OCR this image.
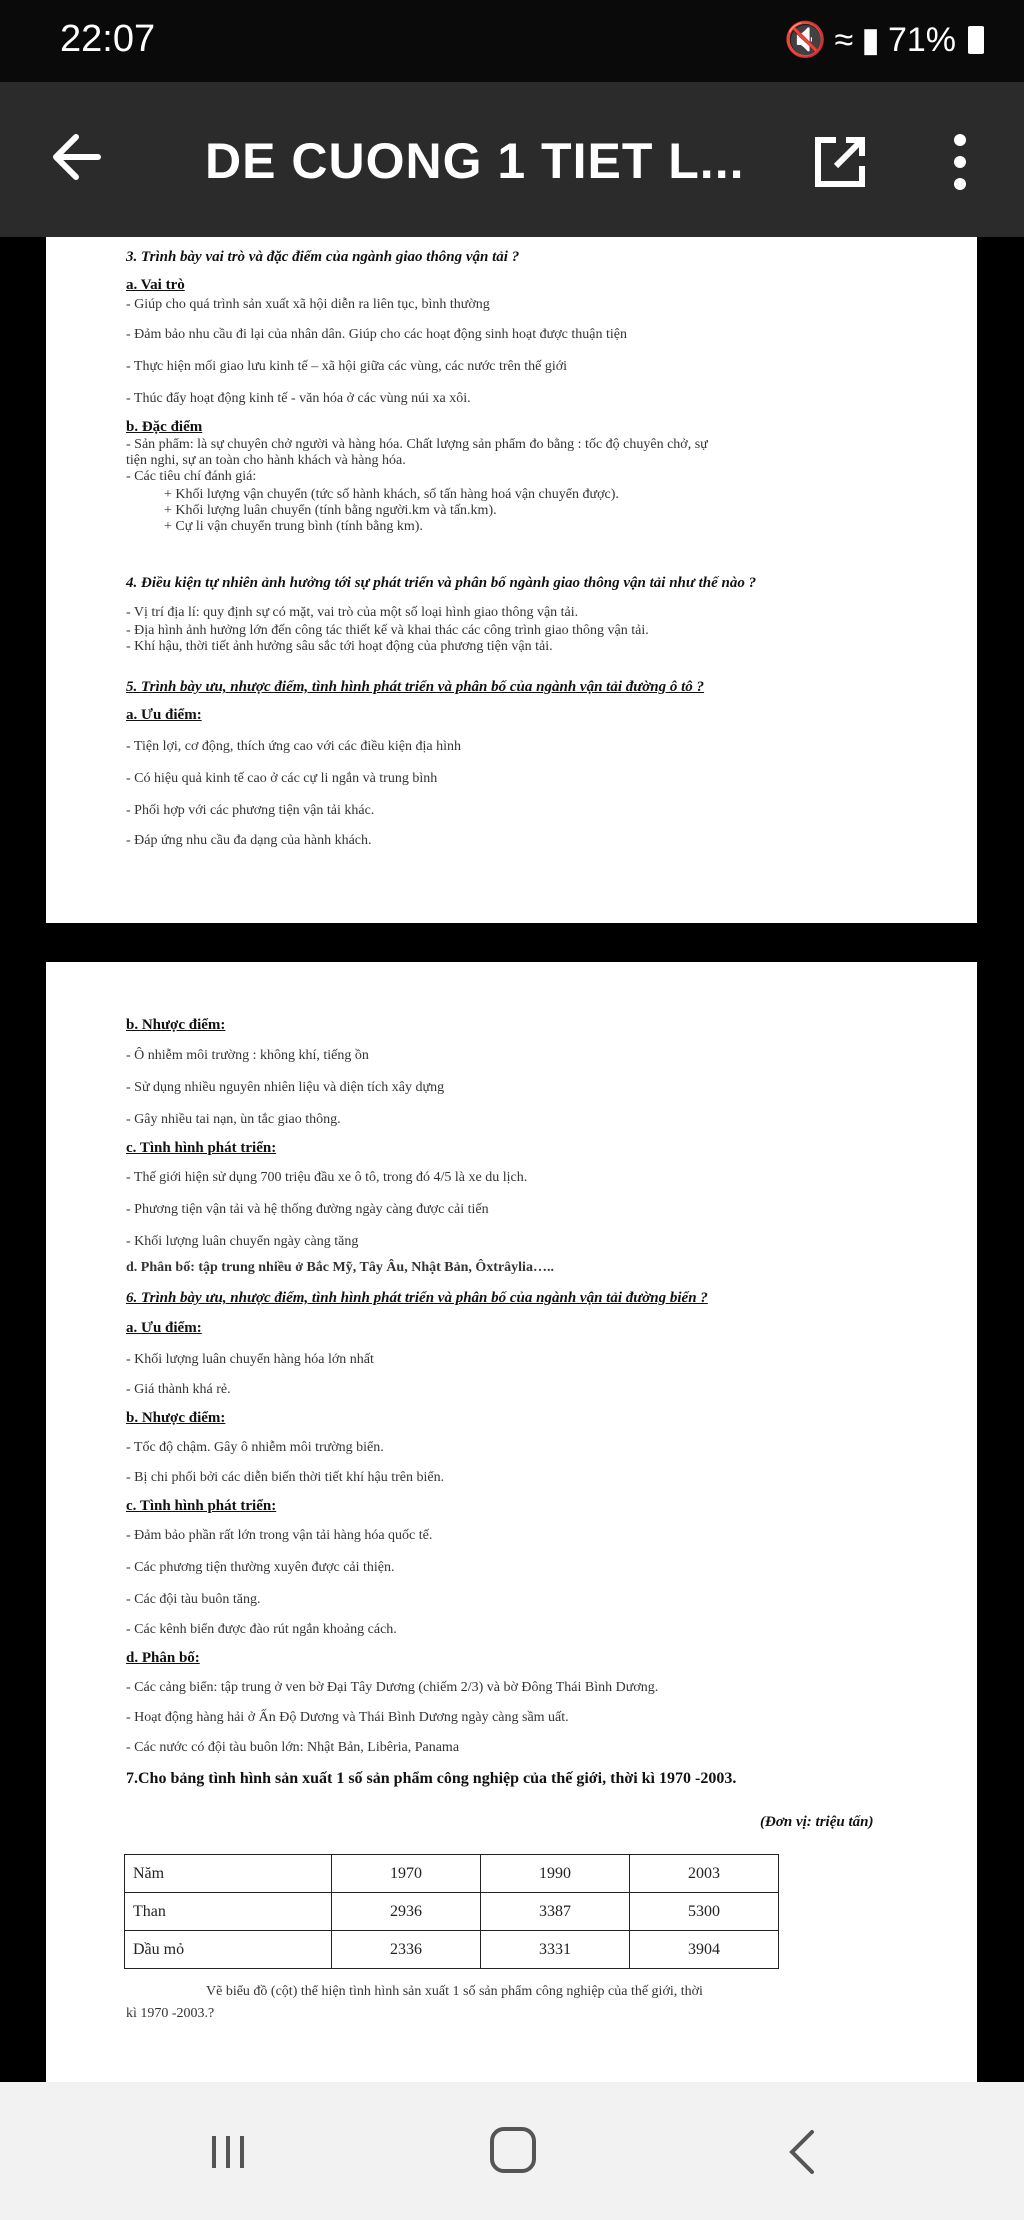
22:07	🔇 ≈ ▮ 71%
DE CUONG 1 TIET L...
3. Trình bày vai trò và đặc điểm của ngành giao thông vận tải ?
a. Vai trò
- Giúp cho quá trình sản xuất xã hội diễn ra liên tục, bình thường
- Đảm bảo nhu cầu đi lại của nhân dân. Giúp cho các hoạt động sinh hoạt được thuận tiện
- Thực hiện mối giao lưu kinh tế – xã hội giữa các vùng, các nước trên thế giới
- Thúc đẩy hoạt động kinh tế - văn hóa ở các vùng núi xa xôi.
b. Đặc điểm
- Sản phẩm: là sự chuyên chở người và hàng hóa. Chất lượng sản phẩm đo bằng : tốc độ chuyên chở, sự
tiện nghi, sự an toàn cho hành khách và hàng hóa.
- Các tiêu chí đánh giá:
+ Khối lượng vận chuyển (tức số hành khách, số tấn hàng hoá vận chuyển được).
+ Khối lượng luân chuyển (tính bằng người.km và tấn.km).
+ Cự li vận chuyển trung bình (tính bằng km).
4. Điều kiện tự nhiên ảnh hưởng tới sự phát triển và phân bố ngành giao thông vận tải như thế nào ?
- Vị trí địa lí: quy định sự có mặt, vai trò của một số loại hình giao thông vận tải.
- Địa hình ảnh hưởng lớn đến công tác thiết kế và khai thác các công trình giao thông vận tải.
- Khí hậu, thời tiết ảnh hưởng sâu sắc tới hoạt động của phương tiện vận tải.
5. Trình bày ưu, nhược điểm, tình hình phát triển và phân bố của ngành vận tải đường ô tô ?
a. Ưu điểm:
- Tiện lợi, cơ động, thích ứng cao với các điều kiện địa hình
- Có hiệu quả kinh tế cao ở các cự li ngắn và trung bình
- Phối hợp với các phương tiện vận tải khác.
- Đáp ứng nhu cầu đa dạng của hành khách.
b. Nhược điểm:
- Ô nhiễm môi trường : không khí, tiếng ồn
- Sử dụng nhiều nguyên nhiên liệu và diện tích xây dựng
- Gây nhiều tai nạn, ùn tắc giao thông.
c. Tình hình phát triển:
- Thế giới hiện sử dụng 700 triệu đầu xe ô tô, trong đó 4/5 là xe du lịch.
- Phương tiện vận tải và hệ thống đường ngày càng được cải tiến
- Khối lượng luân chuyển ngày càng tăng
d. Phân bố: tập trung nhiều ở Bắc Mỹ, Tây Âu, Nhật Bản, Ôxtrâylia…..
6. Trình bày ưu, nhược điểm, tình hình phát triển và phân bố của ngành vận tải đường biển ?
a. Ưu điểm:
- Khối lượng luân chuyển hàng hóa lớn nhất
- Giá thành khá rẻ.
b. Nhược điểm:
- Tốc độ chậm. Gây ô nhiễm môi trường biển.
- Bị chi phối bởi các diễn biến thời tiết khí hậu trên biển.
c. Tình hình phát triển:
- Đảm bảo phần rất lớn trong vận tải hàng hóa quốc tế.
- Các phương tiện thường xuyên được cải thiện.
- Các đội tàu buôn tăng.
- Các kênh biển được đào rút ngắn khoảng cách.
d. Phân bố:
- Các cảng biển: tập trung ở ven bờ Đại Tây Dương (chiếm 2/3) và bờ Đông Thái Bình Dương.
- Hoạt động hàng hải ở Ấn Độ Dương và Thái Bình Dương ngày càng sầm uất.
- Các nước có đội tàu buôn lớn: Nhật Bản, Libêria, Panama
7.Cho bảng tình hình sản xuất 1 số sản phẩm công nghiệp của thế giới, thời kì 1970 -2003.
(Đơn vị: triệu tấn)
Năm	1970	1990	2003
Than	2936	3387	5300
Dầu mỏ	2336	3331	3904
Vẽ biểu đồ (cột) thể hiện tình hình sản xuất 1 số sản phẩm công nghiệp của thế giới, thời
kì 1970 -2003.?
